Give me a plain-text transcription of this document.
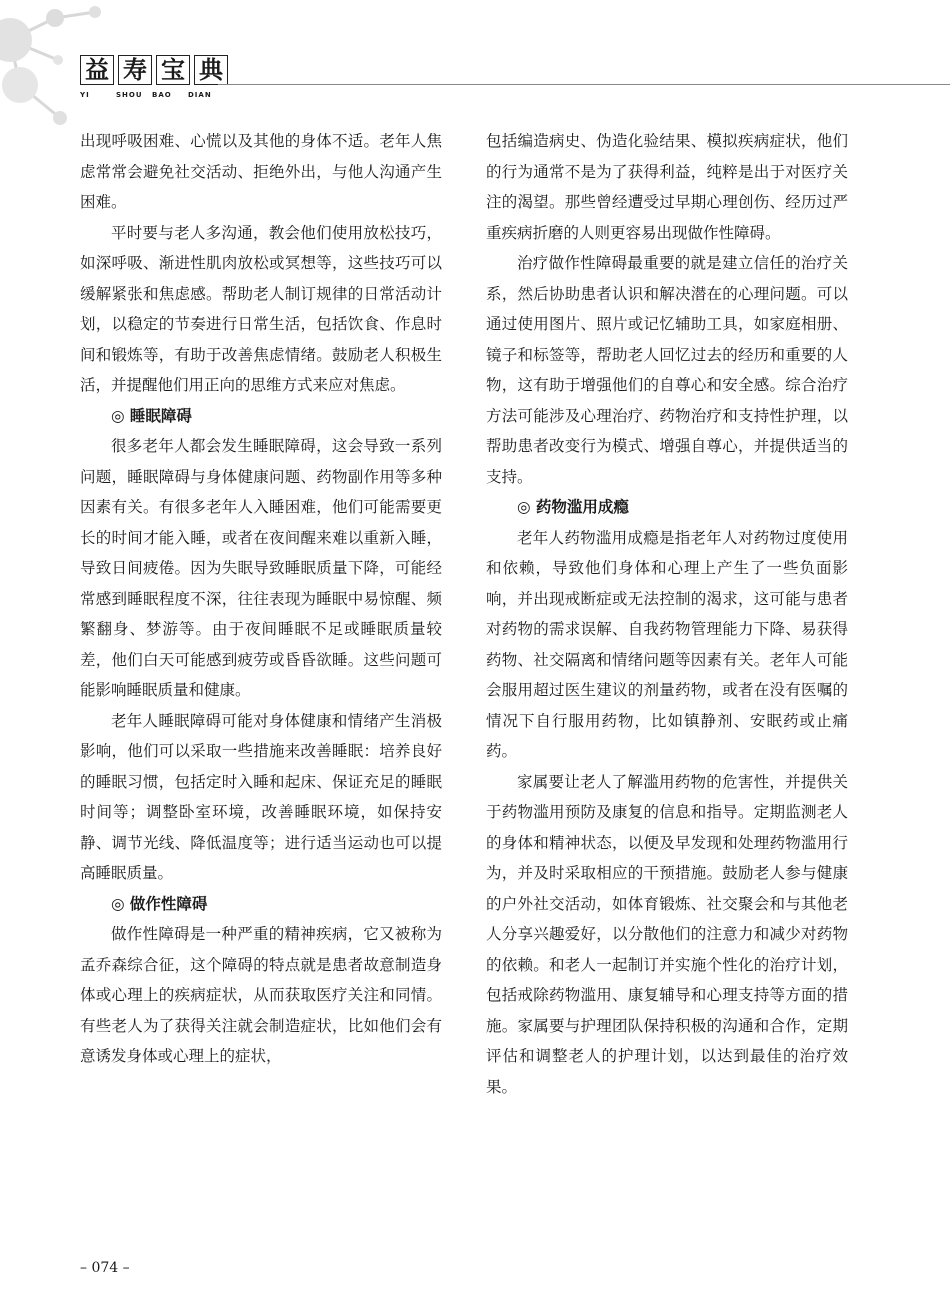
益 寿 宝 典
YI	SHOU	BAO	DIAN

出现呼吸困难、心慌以及其他的身体不适。老年人焦虑常常会避免社交活动、拒绝外出，与他人沟通产生困难。

平时要与老人多沟通，教会他们使用放松技巧，如深呼吸、渐进性肌肉放松或冥想等，这些技巧可以缓解紧张和焦虑感。帮助老人制订规律的日常活动计划，以稳定的节奏进行日常生活，包括饮食、作息时间和锻炼等，有助于改善焦虑情绪。鼓励老人积极生活，并提醒他们用正向的思维方式来应对焦虑。

◎ 睡眠障碍

很多老年人都会发生睡眠障碍，这会导致一系列问题，睡眠障碍与身体健康问题、药物副作用等多种因素有关。有很多老年人入睡困难，他们可能需要更长的时间才能入睡，或者在夜间醒来难以重新入睡，导致日间疲倦。因为失眠导致睡眠质量下降，可能经常感到睡眠程度不深，往往表现为睡眠中易惊醒、频繁翻身、梦游等。由于夜间睡眠不足或睡眠质量较差，他们白天可能感到疲劳或昏昏欲睡。这些问题可能影响睡眠质量和健康。

老年人睡眠障碍可能对身体健康和情绪产生消极影响，他们可以采取一些措施来改善睡眠：培养良好的睡眠习惯，包括定时入睡和起床、保证充足的睡眠时间等；调整卧室环境，改善睡眠环境，如保持安静、调节光线、降低温度等；进行适当运动也可以提高睡眠质量。

◎ 做作性障碍

做作性障碍是一种严重的精神疾病，它又被称为孟乔森综合征，这个障碍的特点就是患者故意制造身体或心理上的疾病症状，从而获取医疗关注和同情。有些老人为了获得关注就会制造症状，比如他们会有意诱发身体或心理上的症状，

包括编造病史、伪造化验结果、模拟疾病症状，他们的行为通常不是为了获得利益，纯粹是出于对医疗关注的渴望。那些曾经遭受过早期心理创伤、经历过严重疾病折磨的人则更容易出现做作性障碍。

治疗做作性障碍最重要的就是建立信任的治疗关系，然后协助患者认识和解决潜在的心理问题。可以通过使用图片、照片或记忆辅助工具，如家庭相册、镜子和标签等，帮助老人回忆过去的经历和重要的人物，这有助于增强他们的自尊心和安全感。综合治疗方法可能涉及心理治疗、药物治疗和支持性护理，以帮助患者改变行为模式、增强自尊心，并提供适当的支持。

◎ 药物滥用成瘾

老年人药物滥用成瘾是指老年人对药物过度使用和依赖，导致他们身体和心理上产生了一些负面影响，并出现戒断症或无法控制的渴求，这可能与患者对药物的需求误解、自我药物管理能力下降、易获得药物、社交隔离和情绪问题等因素有关。老年人可能会服用超过医生建议的剂量药物，或者在没有医嘱的情况下自行服用药物，比如镇静剂、安眠药或止痛药。

家属要让老人了解滥用药物的危害性，并提供关于药物滥用预防及康复的信息和指导。定期监测老人的身体和精神状态，以便及早发现和处理药物滥用行为，并及时采取相应的干预措施。鼓励老人参与健康的户外社交活动，如体育锻炼、社交聚会和与其他老人分享兴趣爱好，以分散他们的注意力和减少对药物的依赖。和老人一起制订并实施个性化的治疗计划，包括戒除药物滥用、康复辅导和心理支持等方面的措施。家属要与护理团队保持积极的沟通和合作，定期评估和调整老人的护理计划，以达到最佳的治疗效果。

– 074 –
